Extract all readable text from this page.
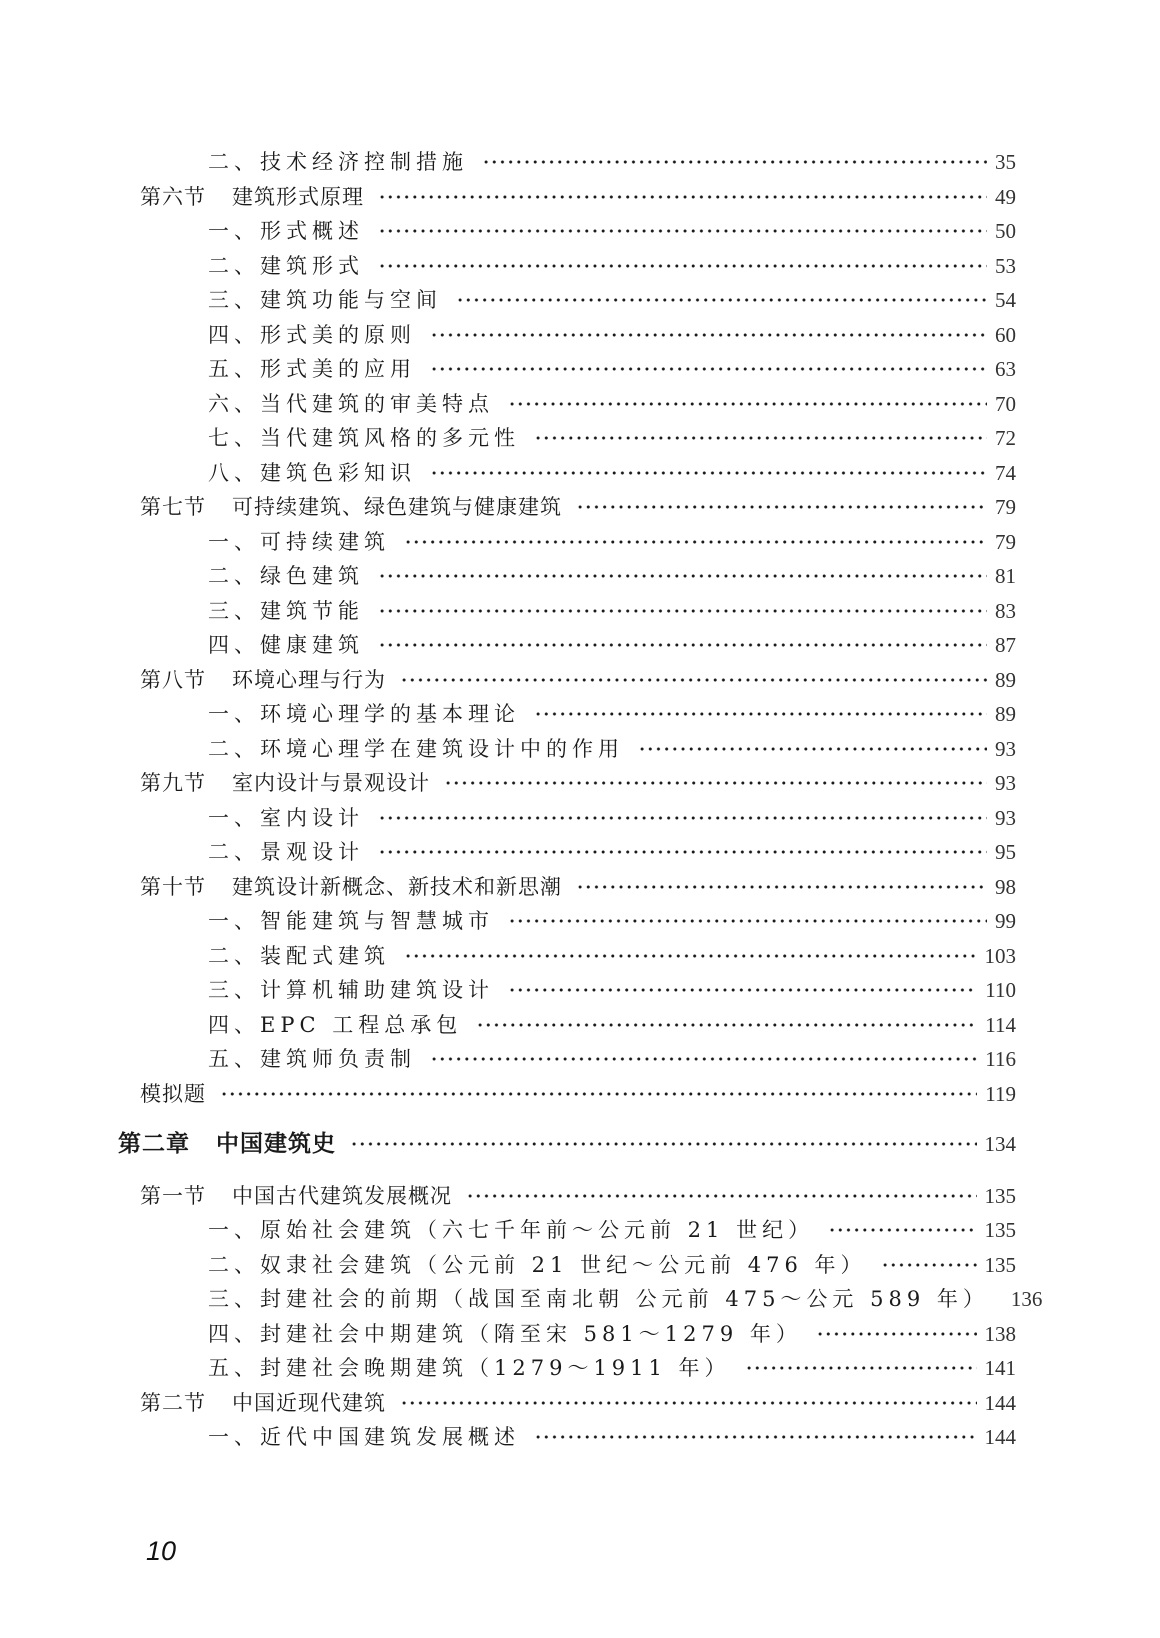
二、技术经济控制措施	35
第六节 建筑形式原理	49
一、形式概述	50
二、建筑形式	53
三、建筑功能与空间	54
四、形式美的原则	60
五、形式美的应用	63
六、当代建筑的审美特点	70
七、当代建筑风格的多元性	72
八、建筑色彩知识	74
第七节 可持续建筑、绿色建筑与健康建筑	79
一、可持续建筑	79
二、绿色建筑	81
三、建筑节能	83
四、健康建筑	87
第八节 环境心理与行为	89
一、环境心理学的基本理论	89
二、环境心理学在建筑设计中的作用	93
第九节 室内设计与景观设计	93
一、室内设计	93
二、景观设计	95
第十节 建筑设计新概念、新技术和新思潮	98
一、智能建筑与智慧城市	99
二、装配式建筑	103
三、计算机辅助建筑设计	110
四、EPC 工程总承包	114
五、建筑师负责制	116
模拟题	119
第二章 中国建筑史	134
第一节 中国古代建筑发展概况	135
一、原始社会建筑（六七千年前～公元前 21 世纪）	135
二、奴隶社会建筑（公元前 21 世纪～公元前 476 年）	135
三、封建社会的前期（战国至南北朝 公元前 475～公元 589 年） 136
四、封建社会中期建筑（隋至宋 581～1279 年）	138
五、封建社会晚期建筑（1279～1911 年）	141
第二节 中国近现代建筑	144
一、近代中国建筑发展概述	144
10
